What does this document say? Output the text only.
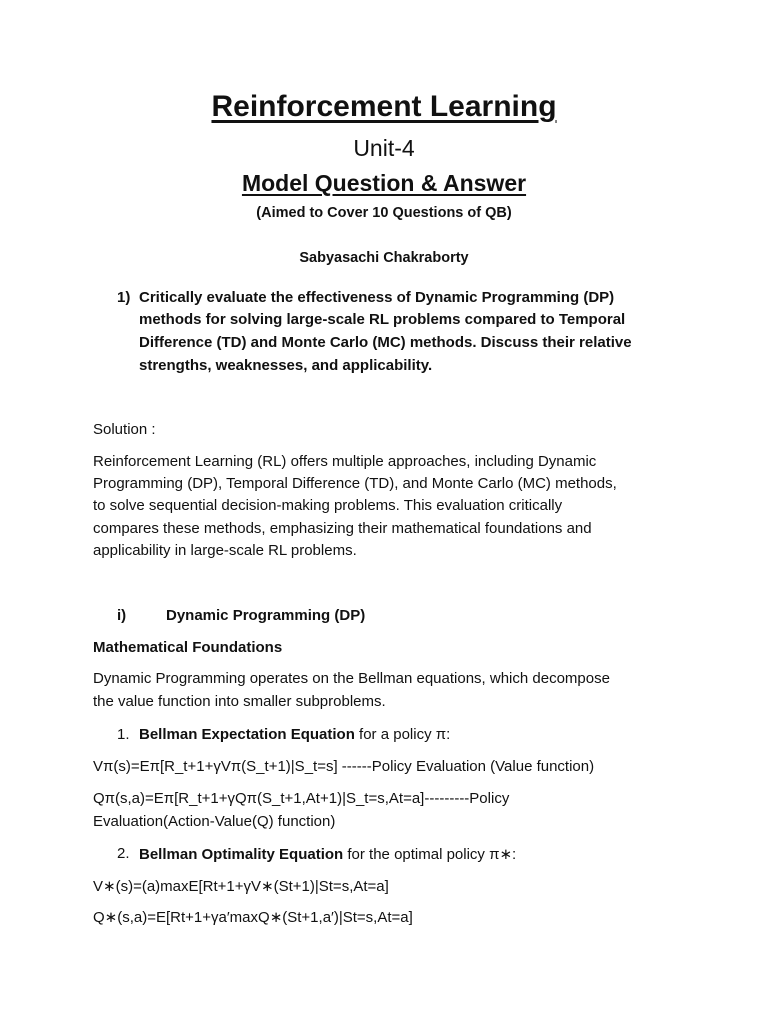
Reinforcement Learning
Unit-4
Model Question & Answer
(Aimed to Cover 10 Questions of QB)
Sabyasachi Chakraborty
1) Critically evaluate the effectiveness of Dynamic Programming (DP)
methods for solving large-scale RL problems compared to Temporal
Difference (TD) and Monte Carlo (MC) methods. Discuss their relative
strengths, weaknesses, and applicability.
Solution :
Reinforcement Learning (RL) offers multiple approaches, including Dynamic
Programming (DP), Temporal Difference (TD), and Monte Carlo (MC) methods,
to solve sequential decision-making problems. This evaluation critically
compares these methods, emphasizing their mathematical foundations and
applicability in large-scale RL problems.
i)	Dynamic Programming (DP)
Mathematical Foundations
Dynamic Programming operates on the Bellman equations, which decompose
the value function into smaller subproblems.
1. Bellman Expectation Equation for a policy π:
Vπ(s)=Eπ[R_t+1+γVπ(S_t+1)|S_t=s] ------Policy Evaluation (Value function)
Qπ(s,a)=Eπ[R_t+1+γQπ(S_t+1,At+1)|S_t=s,At=a]---------Policy
Evaluation(Action-Value(Q) function)
2. Bellman Optimality Equation for the optimal policy π∗:
V∗(s)=(a)maxE[Rt+1+γV∗(St+1)|St=s,At=a]
Q∗(s,a)=E[Rt+1+γa′maxQ∗(St+1,a′)|St=s,At=a]
